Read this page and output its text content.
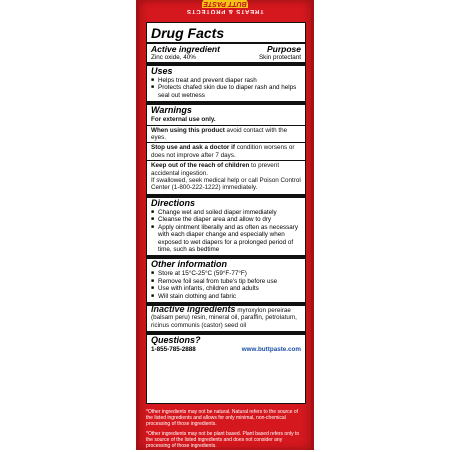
BUTT PASTE
TREATS & PROTECTS
Drug Facts
Active ingredient	Purpose
Zinc oxide, 40%	Skin protectant
Uses
■ Helps treat and prevent diaper rash
■ Protects chafed skin due to diaper rash and helps seal out wetness
Warnings
For external use only.
When using this product avoid contact with the eyes.
Stop use and ask a doctor if condition worsens or does not improve after 7 days.
Keep out of the reach of children to prevent accidental ingestion.
If swallowed, seek medical help or call Poison Control Center (1-800-222-1222) immediately.
Directions
■ Change wet and soiled diaper immediately
■ Cleanse the diaper area and allow to dry
■ Apply ointment liberally and as often as necessary with each diaper change and especially when exposed to wet diapers for a prolonged period of time, such as bedtime
Other information
■ Store at 15°C-25°C (59°F-77°F)
■ Remove foil seal from tube's tip before use
■ Use with infants, children and adults
■ Will stain clothing and fabric
Inactive ingredients myroxylon pereirae (balsam peru) resin, mineral oil, paraffin, petrolatum, ricinus communis (castor) seed oil
Questions?
1-855-785-2888	www.buttpaste.com

*Other ingredients may not be natural. Natural refers to the source of the listed ingredients and allows for only minimal, non-chemical processing of those ingredients.

*Other ingredients may not be plant based. Plant based refers only to the source of the listed ingredients and does not consider any processing of those ingredients.
